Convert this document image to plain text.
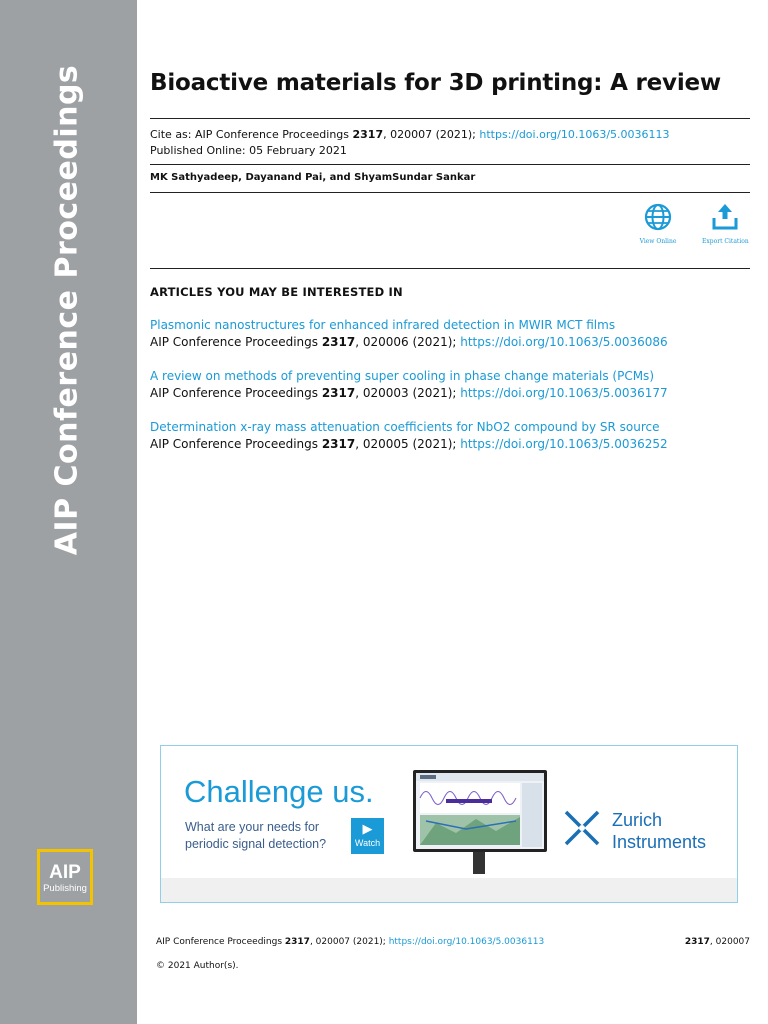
AIP Conference Proceedings
AIP
Publishing
Bioactive materials for 3D printing: A review
Cite as: AIP Conference Proceedings 2317, 020007 (2021); https://doi.org/10.1063/5.0036113
Published Online: 05 February 2021
MK Sathyadeep, Dayanand Pai, and ShyamSundar Sankar
View Online	Export Citation
ARTICLES YOU MAY BE INTERESTED IN
Plasmonic nanostructures for enhanced infrared detection in MWIR MCT films
AIP Conference Proceedings 2317, 020006 (2021); https://doi.org/10.1063/5.0036086
A review on methods of preventing super cooling in phase change materials (PCMs)
AIP Conference Proceedings 2317, 020003 (2021); https://doi.org/10.1063/5.0036177
Determination x-ray mass attenuation coefficients for NbO2 compound by SR source
AIP Conference Proceedings 2317, 020005 (2021); https://doi.org/10.1063/5.0036252
Challenge us.
What are your needs for periodic signal detection?
▶
Watch
Zurich
Instruments
AIP Conference Proceedings 2317, 020007 (2021); https://doi.org/10.1063/5.0036113	2317, 020007
© 2021 Author(s).
